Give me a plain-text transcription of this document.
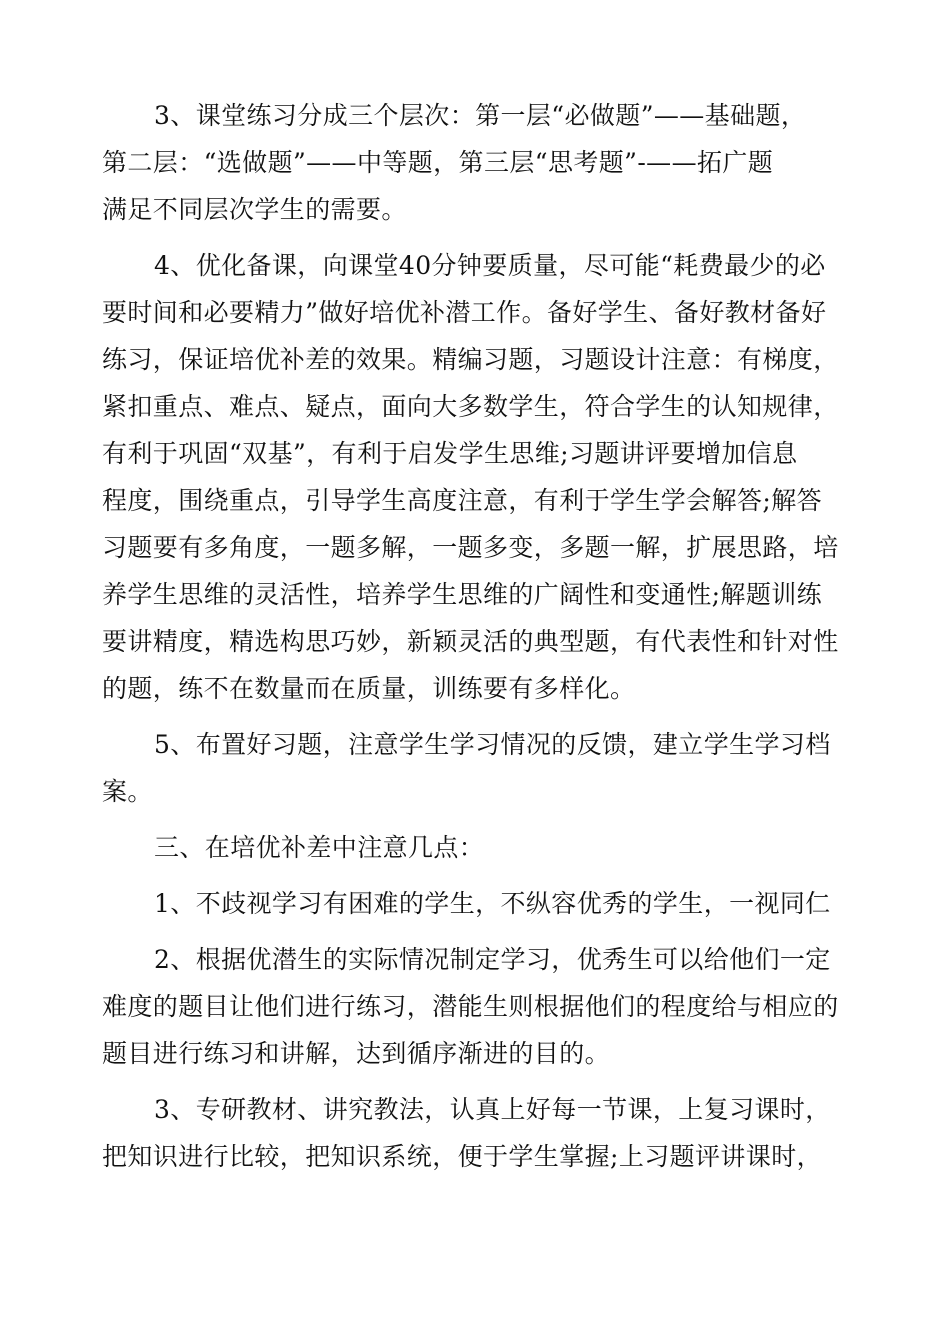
3、课堂练习分成三个层次：第一层“必做题”——基础题，
第二层：“选做题”——中等题，第三层“思考题”-——拓广题
满足不同层次学生的需要。
4、优化备课，向课堂40分钟要质量，尽可能“耗费最少的必
要时间和必要精力”做好培优补潜工作。备好学生、备好教材备好
练习，保证培优补差的效果。精编习题，习题设计注意：有梯度，
紧扣重点、难点、疑点，面向大多数学生，符合学生的认知规律，
有利于巩固“双基”，有利于启发学生思维;习题讲评要增加信息
程度，围绕重点，引导学生高度注意，有利于学生学会解答;解答
习题要有多角度，一题多解，一题多变，多题一解，扩展思路，培
养学生思维的灵活性，培养学生思维的广阔性和变通性;解题训练
要讲精度，精选构思巧妙，新颖灵活的典型题，有代表性和针对性
的题，练不在数量而在质量，训练要有多样化。
5、布置好习题，注意学生学习情况的反馈，建立学生学习档
案。
三、在培优补差中注意几点：
1、不歧视学习有困难的学生，不纵容优秀的学生，一视同仁
2、根据优潜生的实际情况制定学习，优秀生可以给他们一定
难度的题目让他们进行练习，潜能生则根据他们的程度给与相应的
题目进行练习和讲解，达到循序渐进的目的。
3、专研教材、讲究教法，认真上好每一节课，上复习课时，
把知识进行比较，把知识系统，便于学生掌握;上习题评讲课时，
